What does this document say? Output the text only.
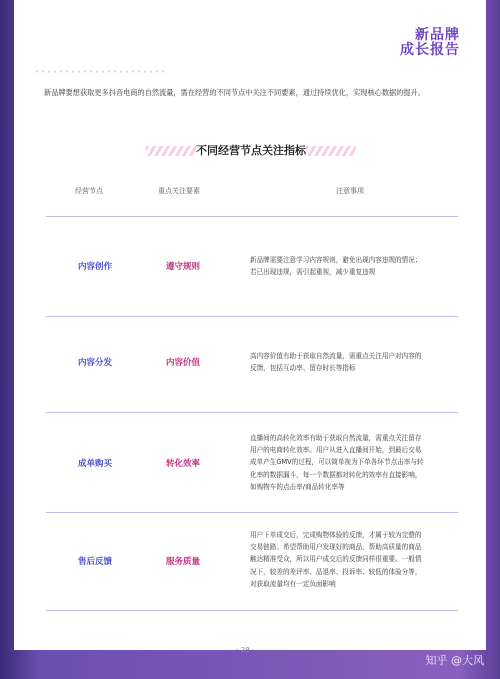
新品牌
成长报告
新品牌要想获取更多抖音电商的自然流量，需在经营的不同节点中关注不同要素，通过持续优化，实现核心数据的提升。
不同经营节点关注指标
经营节点	重点关注要素	注意事项
内容创作	遵守规则
新品牌需要注意学习内容规则，避免出现内容违规的情况；
若已出现违规，需引起重视，减少重复违规
内容分发	内容价值
高内容价值有助于获取自然流量，需重点关注用户对内容的
反馈，包括互动率、留存时长等指标
成单购买	转化效率
直播间的高转化效率有助于获取自然流量，需重点关注留存
用户的电商转化效率。用户从进入直播间开始，到最后交易
成单产生GMV的过程，可以简单视为下单各环节点击率与转
化率的数据漏斗，每一个数据都对转化的效率有直接影响，
如购物车的点击率/商品转化率等
售后反馈	服务质量
用户下单成交后，完成购物体验的反馈，才属于较为完整的
交易链路。希望帮助用户发现好的商品，帮助高质量的商品
触达精准受众，所以用户成交后的反馈同样很重要。一般情
况下，较差的差评率、品退率、投诉率、较低的体验分等，
对获取流量均有一定负面影响
- 29 -
知乎 @大风
